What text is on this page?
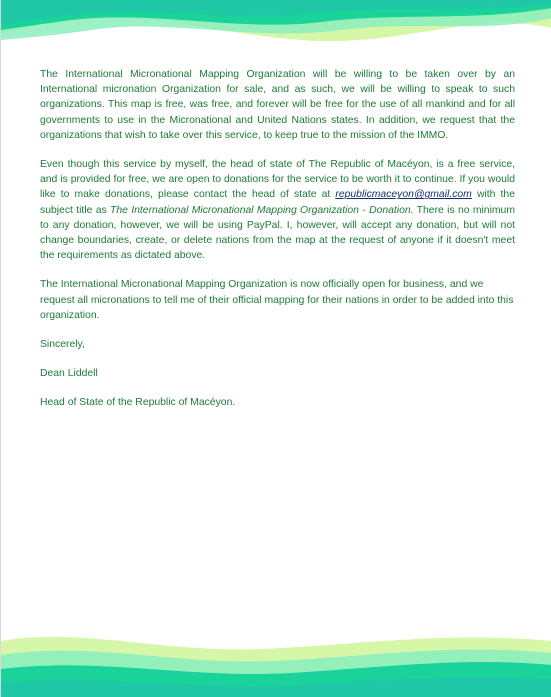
The International Micronational Mapping Organization will be willing to be taken over by an International micronation Organization for sale, and as such, we will be willing to speak to such organizations. This map is free, was free, and forever will be free for the use of all mankind and for all governments to use in the Micronational and United Nations states. In addition, we request that the organizations that wish to take over this service, to keep true to the mission of the IMMO.

Even though this service by myself, the head of state of The Republic of Macéyon, is a free service, and is provided for free, we are open to donations for the service to be worth it to continue. If you would like to make donations, please contact the head of state at republicmaceyon@gmail.com with the subject title as The International Micronational Mapping Organization - Donation. There is no minimum to any donation, however, we will be using PayPal. I, however, will accept any donation, but will not change boundaries, create, or delete nations from the map at the request of anyone if it doesn't meet the requirements as dictated above.

The International Micronational Mapping Organization is now officially open for business, and we request all micronations to tell me of their official mapping for their nations in order to be added into this organization.

Sincerely,

Dean Liddell

Head of State of the Republic of Macéyon.
